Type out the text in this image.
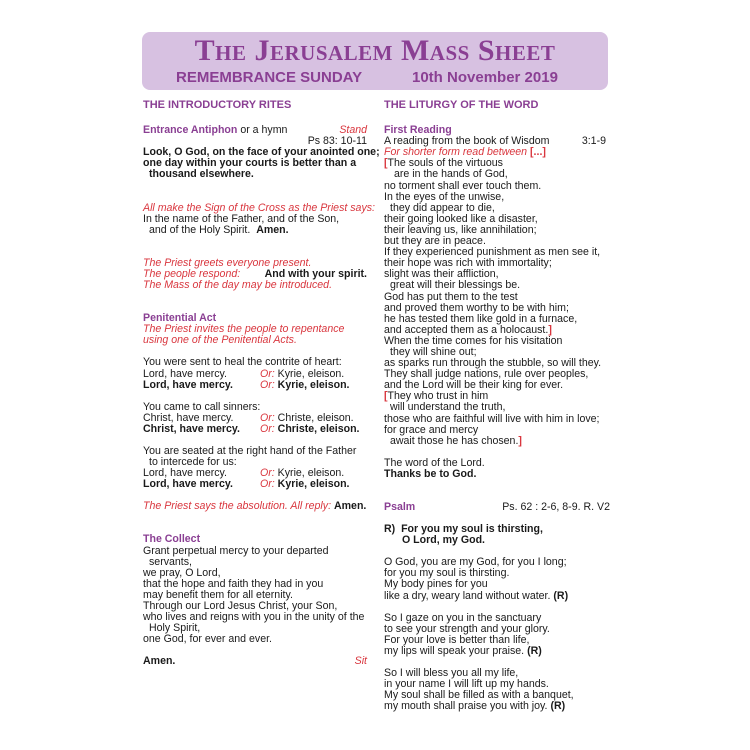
The Jerusalem Mass Sheet
REMEMBRANCE SUNDAY	10th November 2019
THE INTRODUCTORY RITES
Entrance Antiphon or a hymn	Stand
Ps 83: 10-11
Look, O God, on the face of your anointed one;
one day within your courts is better than a
thousand elsewhere.
All make the Sign of the Cross as the Priest says:
In the name of the Father, and of the Son,
and of the Holy Spirit. Amen.
The Priest greets everyone present.
The people respond: And with your spirit.
The Mass of the day may be introduced.
Penitential Act
The Priest invites the people to repentance
using one of the Penitential Acts.
You were sent to heal the contrite of heart:
Lord, have mercy.	Or: Kyrie, eleison.
Lord, have mercy.	Or: Kyrie, eleison.
You came to call sinners:
Christ, have mercy.	Or: Christe, eleison.
Christ, have mercy. Or: Christe, eleison.
You are seated at the right hand of the Father
to intercede for us:
Lord, have mercy.	Or: Kyrie, eleison.
Lord, have mercy.	Or: Kyrie, eleison.
The Priest says the absolution. All reply: Amen.
The Collect
Grant perpetual mercy to your departed
servants,
we pray, O Lord,
that the hope and faith they had in you
may benefit them for all eternity.
Through our Lord Jesus Christ, your Son,
who lives and reigns with you in the unity of the
Holy Spirit,
one God, for ever and ever.
Amen.	Sit
THE LITURGY OF THE WORD
First Reading
A reading from the book of Wisdom	3:1-9
For shorter form read between [...]
[The souls of the virtuous
are in the hands of God,
no torment shall ever touch them.
In the eyes of the unwise,
they did appear to die,
their going looked like a disaster,
their leaving us, like annihilation;
but they are in peace.
If they experienced punishment as men see it,
their hope was rich with immortality;
slight was their affliction,
great will their blessings be.
God has put them to the test
and proved them worthy to be with him;
he has tested them like gold in a furnace,
and accepted them as a holocaust.]
When the time comes for his visitation
they will shine out;
as sparks run through the stubble, so will they.
They shall judge nations, rule over peoples,
and the Lord will be their king for ever.
[They who trust in him
will understand the truth,
those who are faithful will live with him in love;
for grace and mercy
await those he has chosen.]
The word of the Lord.
Thanks be to God.
Psalm	Ps. 62 : 2-6, 8-9. R. V2
R) For you my soul is thirsting,
O Lord, my God.
O God, you are my God, for you I long;
for you my soul is thirsting.
My body pines for you
like a dry, weary land without water. (R)
So I gaze on you in the sanctuary
to see your strength and your glory.
For your love is better than life,
my lips will speak your praise. (R)
So I will bless you all my life,
in your name I will lift up my hands.
My soul shall be filled as with a banquet,
my mouth shall praise you with joy. (R)
